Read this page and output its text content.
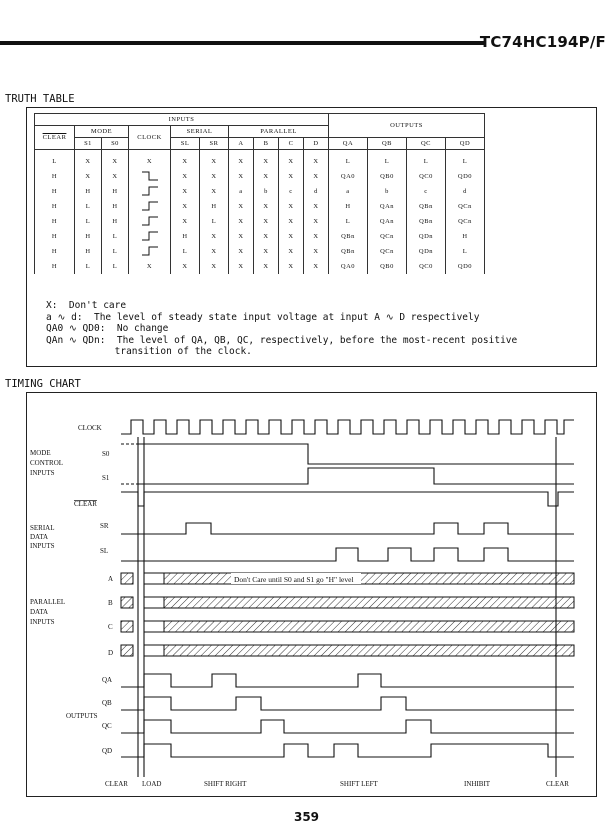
TC74HC194P/F
TRUTH TABLE
INPUTS										OUTPUTS			
CLEAR	MODE		CLOCK	SERIAL		PARALLEL							
	S1	S0		SL	SR	A	B	C	D	QA	QB	QC	QD
L	X	X	X	X	X	X	X	X	X	L	L	L	L
H	X	X		X	X	X	X	X	X	QA0	QB0	QC0	QD0
H	H	H		X	X	a	b	c	d	a	b	c	d
H	L	H		X	H	X	X	X	X	H	QAn	QBn	QCn
H	L	H		X	L	X	X	X	X	L	QAn	QBn	QCn
H	H	L		H	X	X	X	X	X	QBn	QCn	QDn	H
H	H	L		L	X	X	X	X	X	QBn	QCn	QDn	L
H	L	L	X	X	X	X	X	X	X	QA0	QB0	QC0	QD0
X:  Don't care
a ∿ d:  The level of steady state input voltage at input A ∿ D respectively
QA0 ∿ QD0:  No change
QAn ∿ QDn:  The level of QA, QB, QC, respectively, before the most-recent positive
transition of the clock.
TIMING CHART
CLOCK
MODE
CONTROL
INPUTS
S0
S1
CLEAR
SERIAL
DATA
INPUTS
SR
SL
A
PARALLEL
DATA
INPUTS
B
C
D
QA
QB
OUTPUTS
QC
QD
Don't Care until S0 and S1 go "H" level
CLEAR LOAD	SHIFT RIGHT	SHIFT LEFT	INHIBIT	CLEAR
359
